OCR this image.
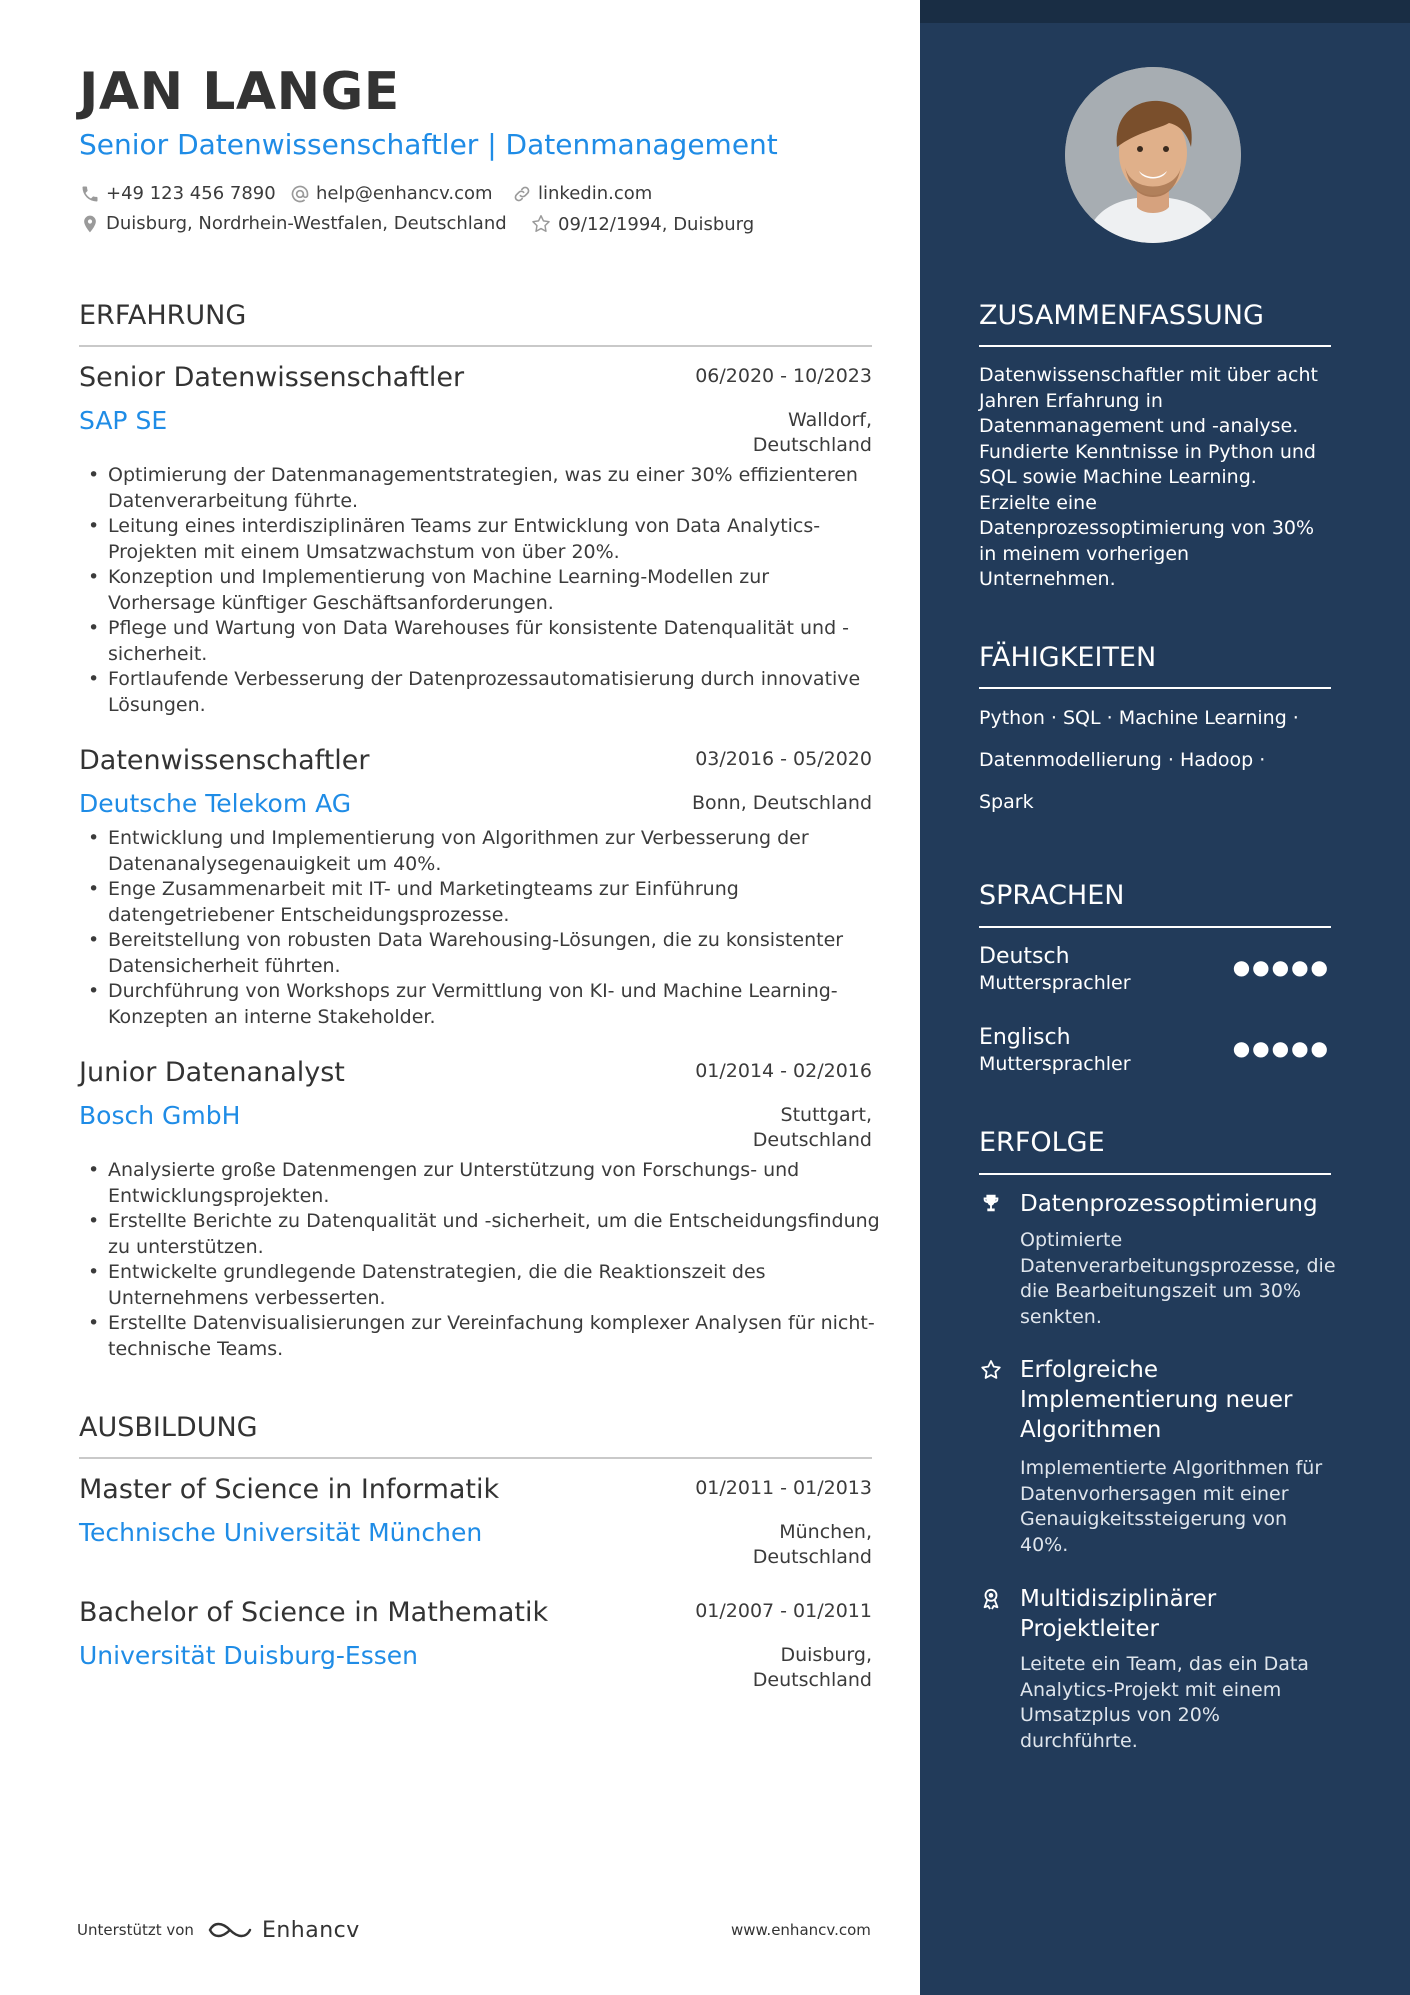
JAN LANGE
Senior Datenwissenschaftler | Datenmanagement
+49 123 456 7890 help@enhancv.com	linkedin.com
Duisburg, Nordrhein-Westfalen, Deutschland	09/12/1994, Duisburg
ERFAHRUNG
Senior Datenwissenschaftler	06/2020 - 10/2023
SAP SE	Walldorf,
Deutschland
• Optimierung der Datenmanagementstrategien, was zu einer 30% effizienteren Datenverarbeitung führte.
• Leitung eines interdisziplinären Teams zur Entwicklung von Data Analytics-Projekten mit einem Umsatzwachstum von über 20%.
• Konzeption und Implementierung von Machine Learning-Modellen zur Vorhersage künftiger Geschäftsanforderungen.
• Pflege und Wartung von Data Warehouses für konsistente Datenqualität und -sicherheit.
• Fortlaufende Verbesserung der Datenprozessautomatisierung durch innovative Lösungen.
Datenwissenschaftler	03/2016 - 05/2020
Deutsche Telekom AG	Bonn, Deutschland
• Entwicklung und Implementierung von Algorithmen zur Verbesserung der Datenanalysegenauigkeit um 40%.
• Enge Zusammenarbeit mit IT- und Marketingteams zur Einführung datengetriebener Entscheidungsprozesse.
• Bereitstellung von robusten Data Warehousing-Lösungen, die zu konsistenter Datensicherheit führten.
• Durchführung von Workshops zur Vermittlung von KI- und Machine Learning-Konzepten an interne Stakeholder.
Junior Datenanalyst	01/2014 - 02/2016
Bosch GmbH	Stuttgart,
Deutschland
• Analysierte große Datenmengen zur Unterstützung von Forschungs- und Entwicklungsprojekten.
• Erstellte Berichte zu Datenqualität und -sicherheit, um die Entscheidungsfindung zu unterstützen.
• Entwickelte grundlegende Datenstrategien, die die Reaktionszeit des Unternehmens verbesserten.
• Erstellte Datenvisualisierungen zur Vereinfachung komplexer Analysen für nicht-technische Teams.
AUSBILDUNG
Master of Science in Informatik	01/2011 - 01/2013
Technische Universität München	München,
Deutschland
Bachelor of Science in Mathematik	01/2007 - 01/2011
Universität Duisburg-Essen	Duisburg,
Deutschland
ZUSAMMENFASSUNG
Datenwissenschaftler mit über acht Jahren Erfahrung in Datenmanagement und -analyse. Fundierte Kenntnisse in Python und SQL sowie Machine Learning. Erzielte eine Datenprozessoptimierung von 30% in meinem vorherigen Unternehmen.
FÄHIGKEITEN
Python · SQL · Machine Learning ·
Datenmodellierung · Hadoop ·
Spark
SPRACHEN
Deutsch
Muttersprachler
●●●●●
Englisch
Muttersprachler
●●●●●
ERFOLGE
Datenprozessoptimierung
Optimierte Datenverarbeitungsprozesse, die die Bearbeitungszeit um 30% senkten.
Erfolgreiche Implementierung neuer Algorithmen
Implementierte Algorithmen für Datenvorhersagen mit einer Genauigkeitssteigerung von 40%.
Multidisziplinärer Projektleiter
Leitete ein Team, das ein Data Analytics-Projekt mit einem Umsatzplus von 20% durchführte.
Unterstützt von	Enhancv	www.enhancv.com
